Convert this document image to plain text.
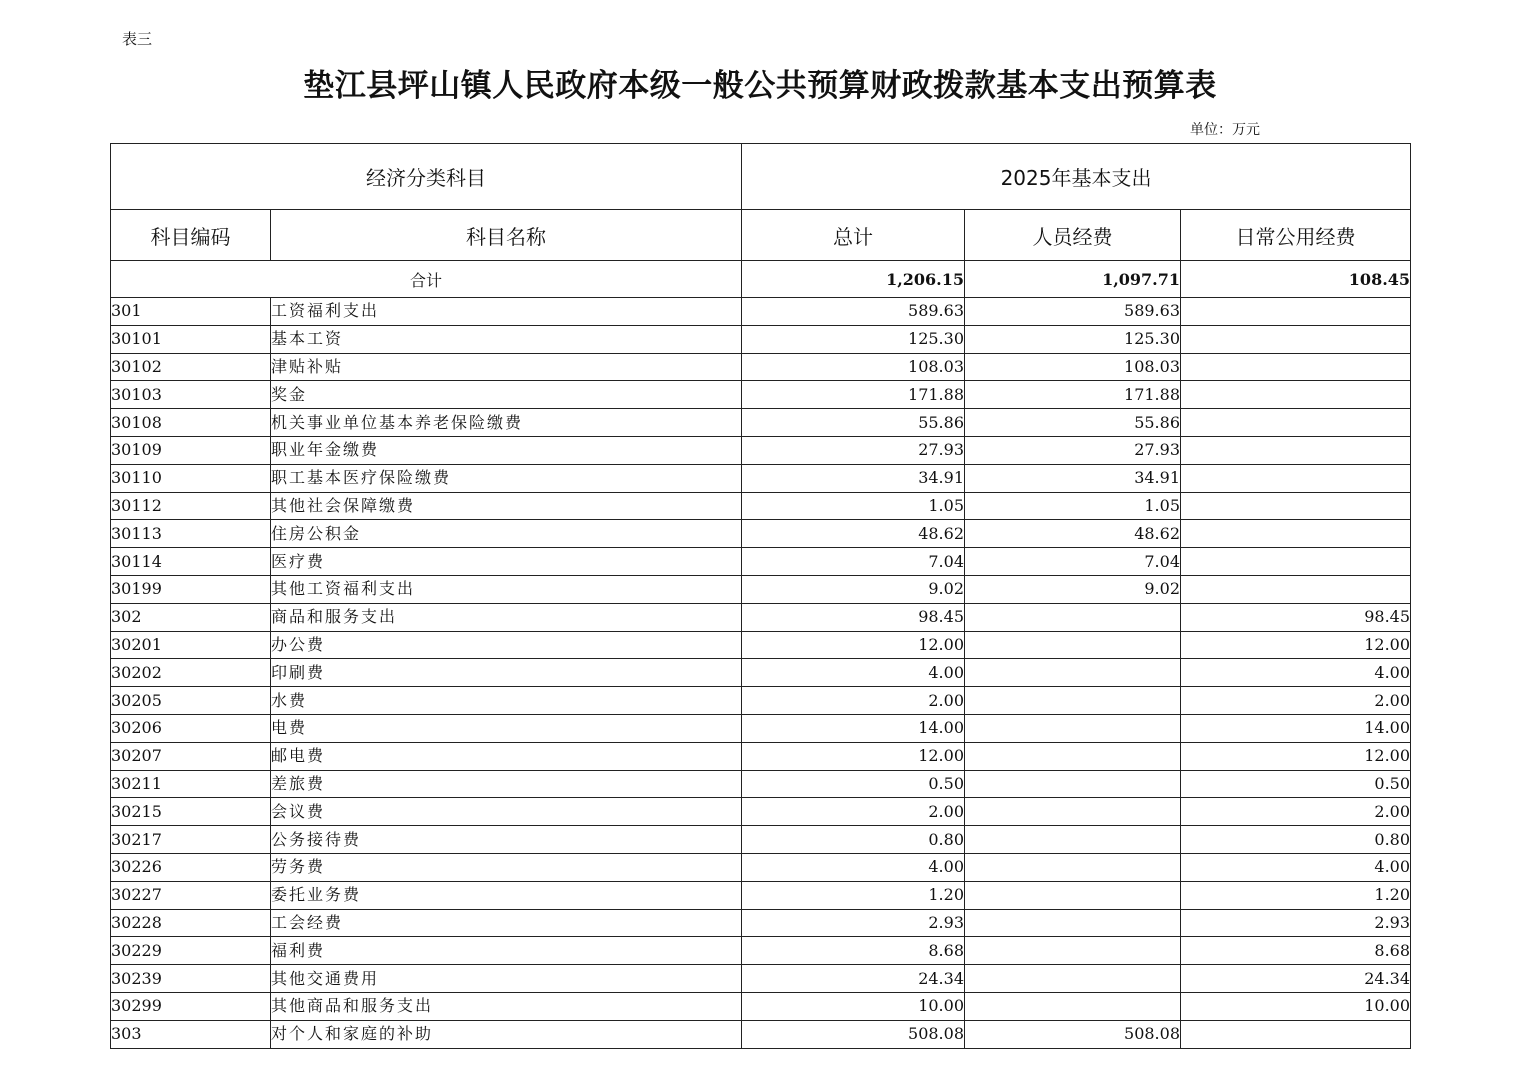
表三
垫江县坪山镇人民政府本级一般公共预算财政拨款基本支出预算表
单位：万元
经济分类科目		2025年基本支出		
科目编码	科目名称	总计	人员经费	日常公用经费
合计		1,206.15	1,097.71	108.45
301	工资福利支出	589.63	589.63	
30101	基本工资	125.30	125.30	
30102	津贴补贴	108.03	108.03	
30103	奖金	171.88	171.88	
30108	机关事业单位基本养老保险缴费	55.86	55.86	
30109	职业年金缴费	27.93	27.93	
30110	职工基本医疗保险缴费	34.91	34.91	
30112	其他社会保障缴费	1.05	1.05	
30113	住房公积金	48.62	48.62	
30114	医疗费	7.04	7.04	
30199	其他工资福利支出	9.02	9.02	
302	商品和服务支出	98.45		98.45
30201	办公费	12.00		12.00
30202	印刷费	4.00		4.00
30205	水费	2.00		2.00
30206	电费	14.00		14.00
30207	邮电费	12.00		12.00
30211	差旅费	0.50		0.50
30215	会议费	2.00		2.00
30217	公务接待费	0.80		0.80
30226	劳务费	4.00		4.00
30227	委托业务费	1.20		1.20
30228	工会经费	2.93		2.93
30229	福利费	8.68		8.68
30239	其他交通费用	24.34		24.34
30299	其他商品和服务支出	10.00		10.00
303	对个人和家庭的补助	508.08	508.08	
